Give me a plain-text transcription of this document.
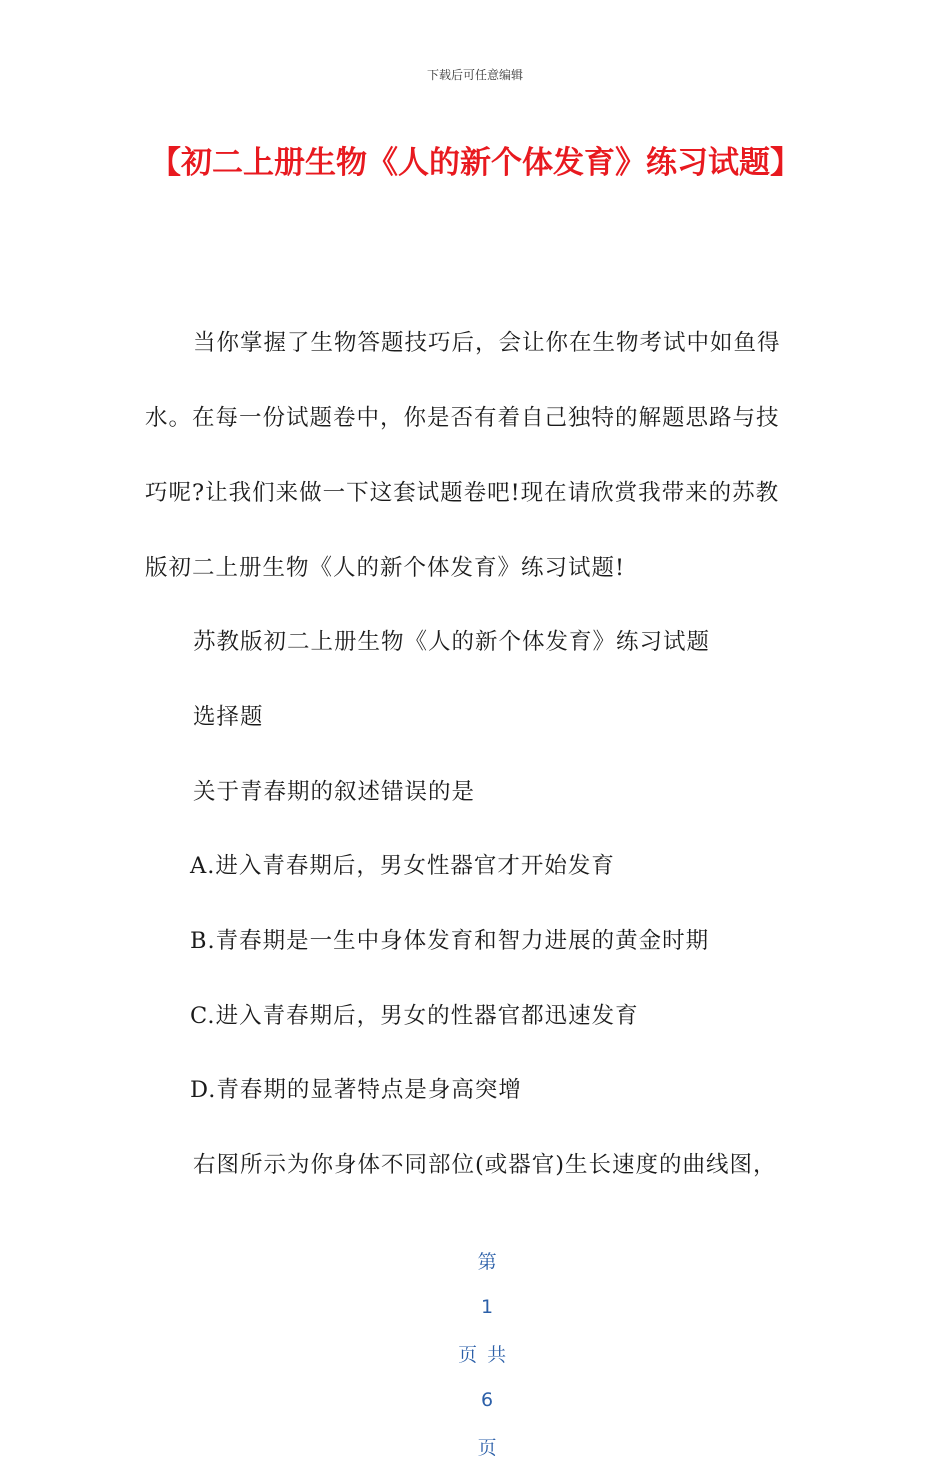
下载后可任意编辑
【初二上册生物《人的新个体发育》练习试题】
当你掌握了生物答题技巧后，会让你在生物考试中如鱼得
水。在每一份试题卷中，你是否有着自己独特的解题思路与技
巧呢?让我们来做一下这套试题卷吧!现在请欣赏我带来的苏教
版初二上册生物《人的新个体发育》练习试题!
苏教版初二上册生物《人的新个体发育》练习试题
选择题
关于青春期的叙述错误的是
A.进入青春期后，男女性器官才开始发育
B.青春期是一生中身体发育和智力进展的黄金时期
C.进入青春期后，男女的性器官都迅速发育
D.青春期的显著特点是身高突增
右图所示为你身体不同部位(或器官)生长速度的曲线图，

第

1

页共

6

页
